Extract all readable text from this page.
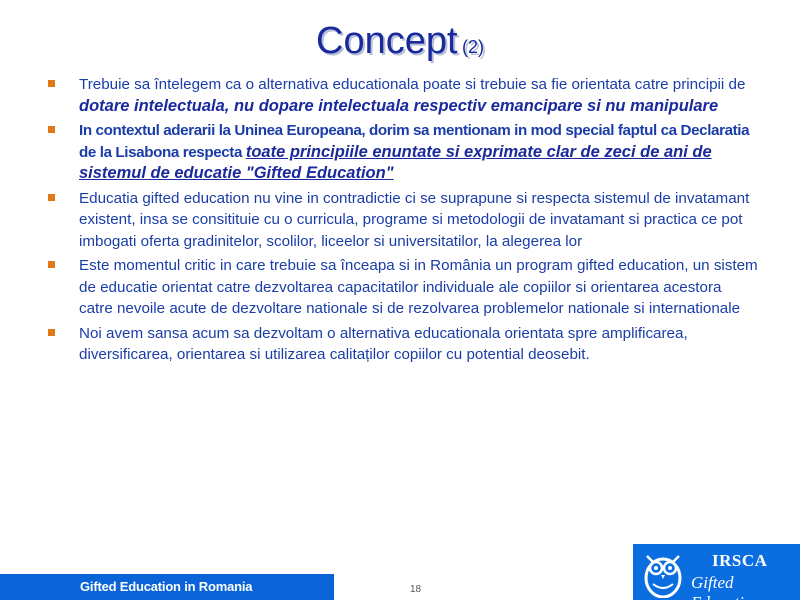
Concept (2)
Trebuie sa întelegem ca o alternativa educationala poate si trebuie sa fie orientata catre principii de dotare intelectuala, nu dopare intelectuala respectiv emancipare si nu manipulare
In contextul aderarii la Uninea Europeana, dorim sa mentionam in mod special faptul ca Declaratia de la Lisabona respecta toate principiile enuntate si exprimate clar de zeci de ani de sistemul de educatie "Gifted Education"
Educatia gifted education nu vine in contradictie ci se suprapune si respecta sistemul de invatamant existent, insa se consitituie cu o curricula, programe si metodologii de invatamant si practica ce pot imbogati oferta gradinitelor, scolilor, liceelor si universitatilor, la alegerea lor
Este momentul critic in care trebuie sa înceapa si in România un program gifted education, un sistem de educatie orientat catre dezvoltarea capacitatilor individuale ale copiilor si orientarea acestora catre nevoile acute de dezvoltare nationale si de rezolvarea problemelor nationale si internationale
Noi avem sansa acum sa dezvoltam o alternativa educationala orientata spre amplificarea, diversificarea, orientarea si utilizarea calitaților copiilor cu potential deosebit.
Gifted Education in Romania	18
IRSCA
Gifted Education
